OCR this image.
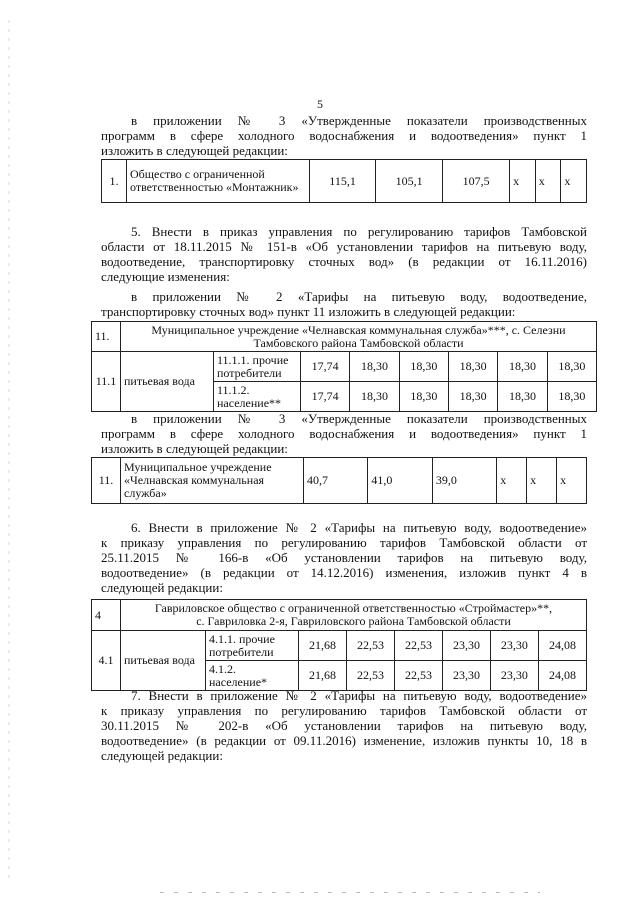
5
в приложении № 3 «Утвержденные показатели производственных
программ в сфере холодного водоснабжения и водоотведения» пункт 1
изложить в следующей редакции:
1.	Общество с ограниченной ответственностью «Монтажник»	115,1	105,1	107,5	х	х	х
5. Внести в приказ управления по регулированию тарифов Тамбовской
области от 18.11.2015 № 151-в «Об установлении тарифов на питьевую воду,
водоотведение, транспортировку сточных вод» (в редакции от 16.11.2016)
следующие изменения:
в приложении № 2 «Тарифы на питьевую воду, водоотведение,
транспортировку сточных вод» пункт 11 изложить в следующей редакции:
11.	Муниципальное учреждение «Челнавская коммунальная служба»***, с. Селезни
Тамбовского района Тамбовской области							
11.1	питьевая вода	11.1.1. прочие потребители	17,74	18,30	18,30	18,30	18,30	18,30
		11.1.2. население**	17,74	18,30	18,30	18,30	18,30	18,30
в приложении № 3 «Утвержденные показатели производственных
программ в сфере холодного водоснабжения и водоотведения» пункт 1
изложить в следующей редакции:
11.	Муниципальное учреждение «Челнавская коммунальная служба»	40,7	41,0	39,0	х	х	х
6. Внести в приложение № 2 «Тарифы на питьевую воду, водоотведение»
к приказу управления по регулированию тарифов Тамбовской области от
25.11.2015 № 166-в «Об установлении тарифов на питьевую воду,
водоотведение» (в редакции от 14.12.2016) изменения, изложив пункт 4 в
следующей редакции:
4	Гавриловское общество с ограниченной ответственностью «Строймастер»**,
с. Гавриловка 2-я, Гавриловского района Тамбовской области							
4.1	питьевая вода	4.1.1. прочие потребители	21,68	22,53	22,53	23,30	23,30	24,08
		4.1.2. население*	21,68	22,53	22,53	23,30	23,30	24,08
7. Внести в приложение № 2 «Тарифы на питьевую воду, водоотведение»
к приказу управления по регулированию тарифов Тамбовской области от
30.11.2015 № 202-в «Об установлении тарифов на питьевую воду,
водоотведение» (в редакции от 09.11.2016) изменение, изложив пункты 10, 18 в
следующей редакции:
